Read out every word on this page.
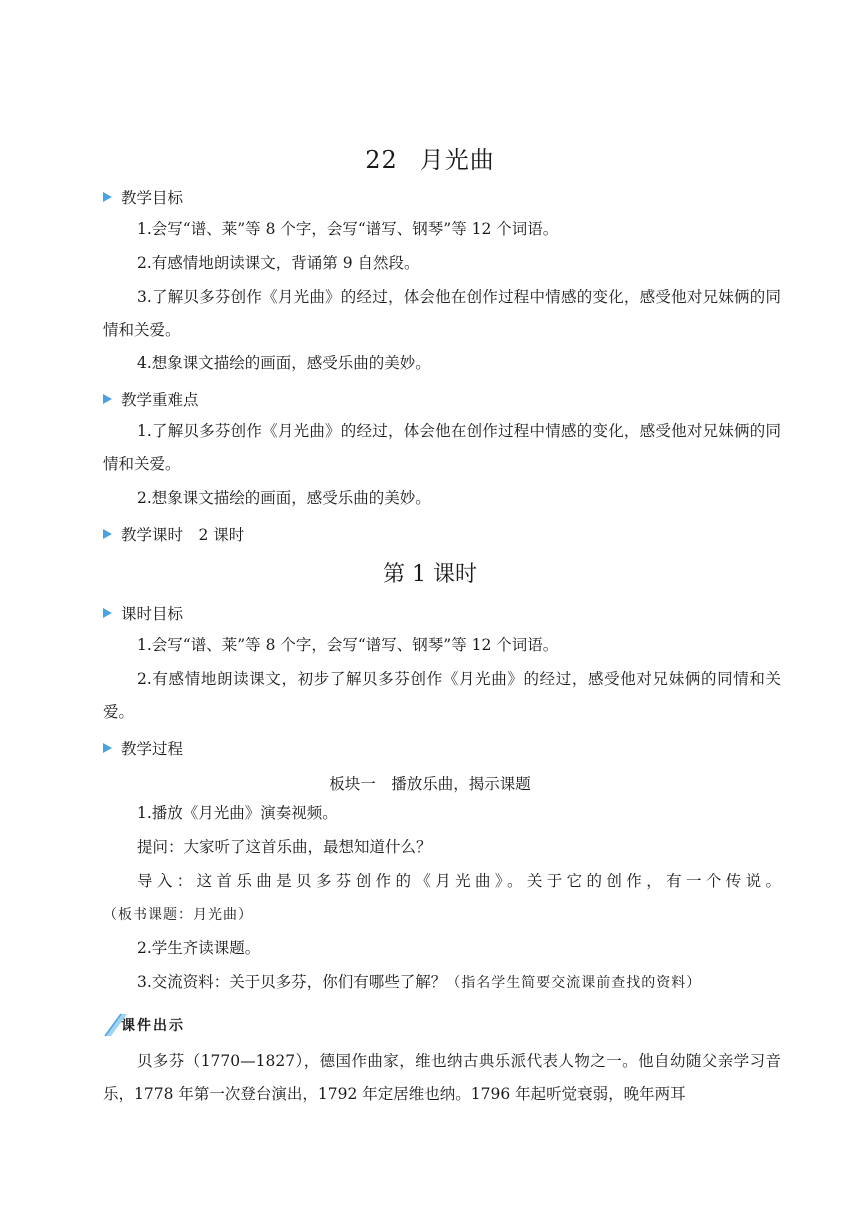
22 月光曲
教学目标
1.会写“谱、莱”等 8 个字，会写“谱写、钢琴”等 12 个词语。
2.有感情地朗读课文，背诵第 9 自然段。
3.了解贝多芬创作《月光曲》的经过，体会他在创作过程中情感的变化，感受他对兄妹俩的同情和关爱。
4.想象课文描绘的画面，感受乐曲的美妙。
教学重难点
1.了解贝多芬创作《月光曲》的经过，体会他在创作过程中情感的变化，感受他对兄妹俩的同情和关爱。
2.想象课文描绘的画面，感受乐曲的美妙。
教学课时　2 课时
第 1 课时
课时目标
1.会写“谱、莱”等 8 个字，会写“谱写、钢琴”等 12 个词语。
2.有感情地朗读课文，初步了解贝多芬创作《月光曲》的经过，感受他对兄妹俩的同情和关爱。
教学过程
板块一　播放乐曲，揭示课题
1.播放《月光曲》演奏视频。
提问：大家听了这首乐曲，最想知道什么？
导入：这首乐曲是贝多芬创作的《月光曲》。关于它的创作，有一个传说。（板书课题：月光曲）
2.学生齐读课题。
3.交流资料：关于贝多芬，你们有哪些了解？（指名学生简要交流课前查找的资料）
课件出示
贝多芬（1770—1827），德国作曲家，维也纳古典乐派代表人物之一。他自幼随父亲学习音乐，1778 年第一次登台演出，1792 年定居维也纳。1796 年起听觉衰弱，晚年两耳
